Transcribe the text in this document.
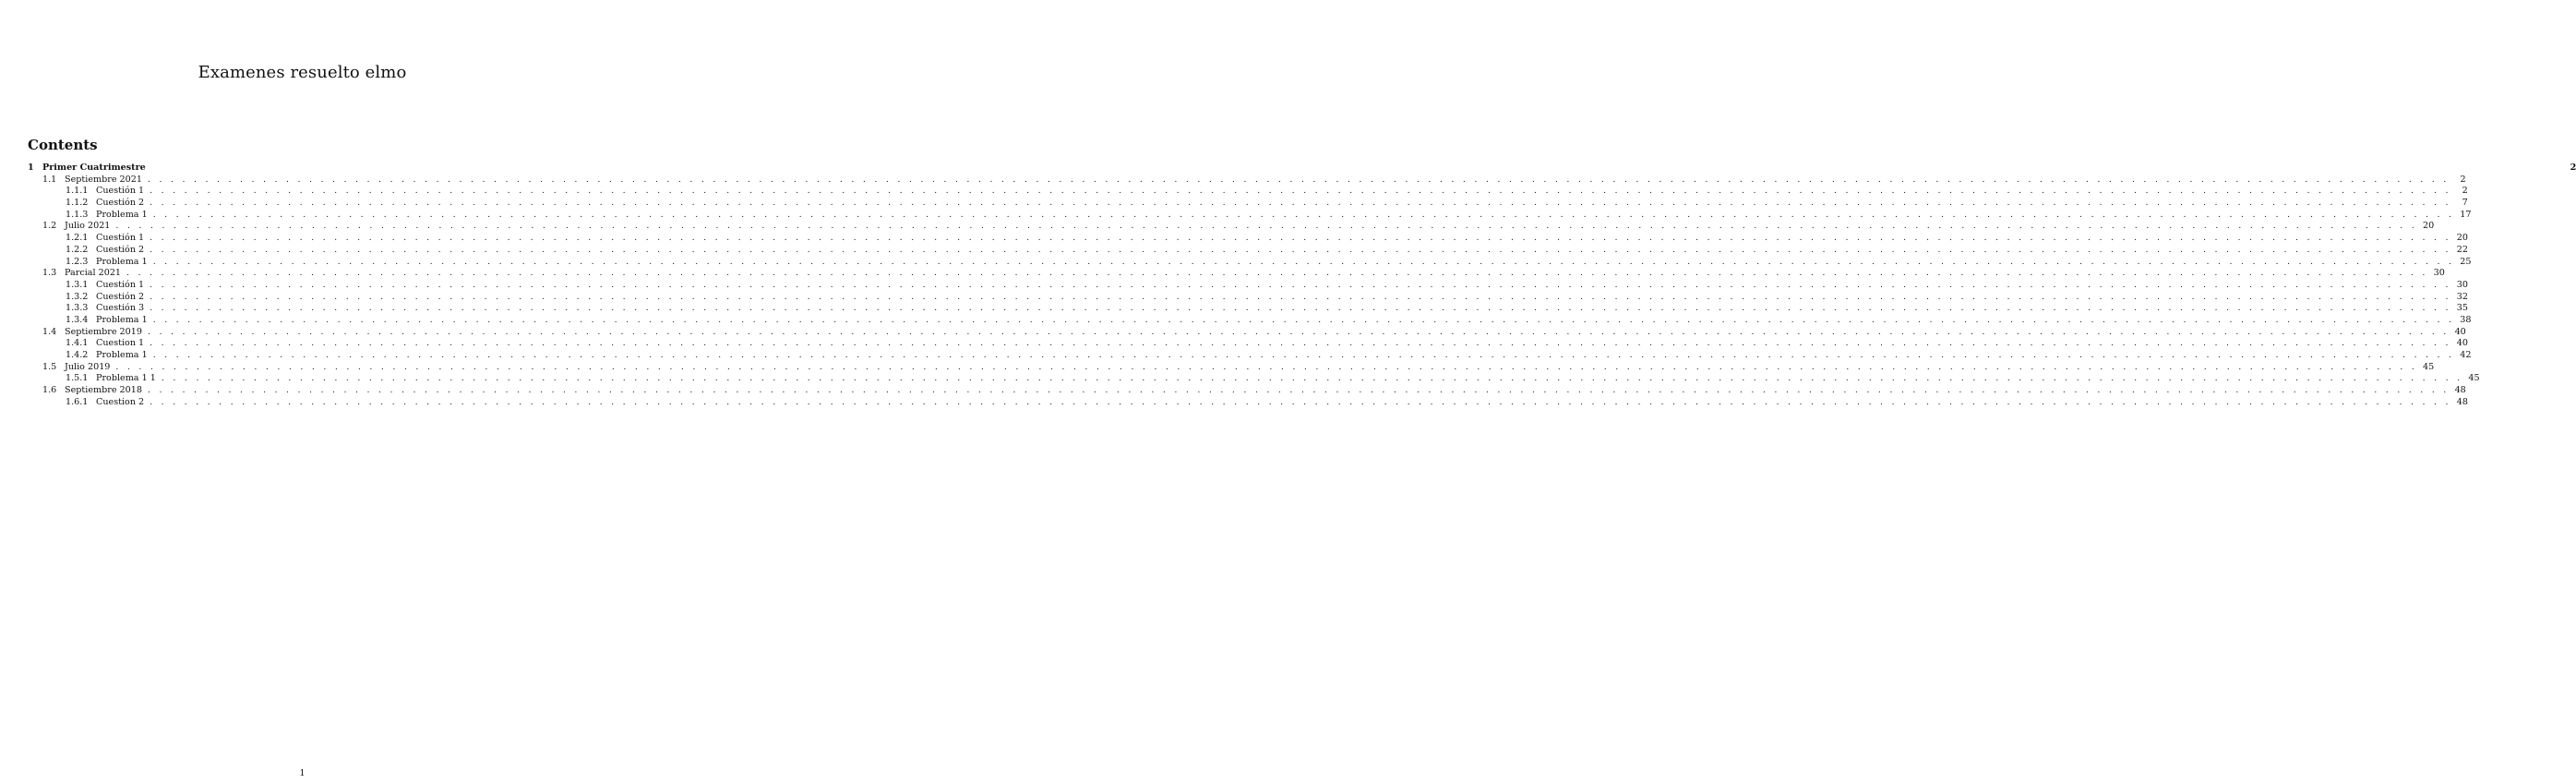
Examenes resuelto elmo
Contents
1 Primer Cuatrimestre	2
1.1 Septiembre 2021 . . . . . . . . . . . . . . . . . . . . . . . . . . . . . . . . . . . . . . . . . . . . . . . . . . . . . . . . . . . . . . . . . . . . . . . . . . . . . . . . . . . . . . . . . . . . . . . . . . . . . . . . . . . . . . . . . . . . . . . . . . . . . . . . . . . . . . . . . . . . . . . . . . . . . . . . . . . . . . . . . . . . . . . . . . . . . . . . . . . . . . . . . . . . . . . . . . . . . . . .	2
1.1.1 Cuestión 1 . . . . . . . . . . . . . . . . . . . . . . . . . . . . . . . . . . . . . . . . . . . . . . . . . . . . . . . . . . . . . . . . . . . . . . . . . . . . . . . . . . . . . . . . . . . . . . . . . . . . . . . . . . . . . . . . . . . . . . . . . . . . . . . . . . . . . . . . . . . . . . . . . . . . . . . . . . . . . . . . . . . . . . . . . . . . . . . . . . . . . . . . . . . . . . . . . . . . . . . .	2
1.1.2 Cuestión 2 . . . . . . . . . . . . . . . . . . . . . . . . . . . . . . . . . . . . . . . . . . . . . . . . . . . . . . . . . . . . . . . . . . . . . . . . . . . . . . . . . . . . . . . . . . . . . . . . . . . . . . . . . . . . . . . . . . . . . . . . . . . . . . . . . . . . . . . . . . . . . . . . . . . . . . . . . . . . . . . . . . . . . . . . . . . . . . . . . . . . . . . . . . . . . . . . . . . . . . . .	7
1.1.3 Problema 1 . . . . . . . . . . . . . . . . . . . . . . . . . . . . . . . . . . . . . . . . . . . . . . . . . . . . . . . . . . . . . . . . . . . . . . . . . . . . . . . . . . . . . . . . . . . . . . . . . . . . . . . . . . . . . . . . . . . . . . . . . . . . . . . . . . . . . . . . . . . . . . . . . . . . . . . . . . . . . . . . . . . . . . . . . . . . . . . . . . . . . . . . . . . . . . . . . . . . . . . . 17
1.2 Julio 2021 . . . . . . . . . . . . . . . . . . . . . . . . . . . . . . . . . . . . . . . . . . . . . . . . . . . . . . . . . . . . . . . . . . . . . . . . . . . . . . . . . . . . . . . . . . . . . . . . . . . . . . . . . . . . . . . . . . . . . . . . . . . . . . . . . . . . . . . . . . . . . . . . . . . . . . . . . . . . . . . . . . . . . . . . . . . . . . . . . . . . . . . . . . . . . . . . . . . . . . . . 20
1.2.1 Cuestión 1 . . . . . . . . . . . . . . . . . . . . . . . . . . . . . . . . . . . . . . . . . . . . . . . . . . . . . . . . . . . . . . . . . . . . . . . . . . . . . . . . . . . . . . . . . . . . . . . . . . . . . . . . . . . . . . . . . . . . . . . . . . . . . . . . . . . . . . . . . . . . . . . . . . . . . . . . . . . . . . . . . . . . . . . . . . . . . . . . . . . . . . . . . . . . . . . . . . . . . . . . 20
1.2.2 Cuestión 2 . . . . . . . . . . . . . . . . . . . . . . . . . . . . . . . . . . . . . . . . . . . . . . . . . . . . . . . . . . . . . . . . . . . . . . . . . . . . . . . . . . . . . . . . . . . . . . . . . . . . . . . . . . . . . . . . . . . . . . . . . . . . . . . . . . . . . . . . . . . . . . . . . . . . . . . . . . . . . . . . . . . . . . . . . . . . . . . . . . . . . . . . . . . . . . . . . . . . . . . . 22
1.2.3 Problema 1 . . . . . . . . . . . . . . . . . . . . . . . . . . . . . . . . . . . . . . . . . . . . . . . . . . . . . . . . . . . . . . . . . . . . . . . . . . . . . . . . . . . . . . . . . . . . . . . . . . . . . . . . . . . . . . . . . . . . . . . . . . . . . . . . . . . . . . . . . . . . . . . . . . . . . . . . . . . . . . . . . . . . . . . . . . . . . . . . . . . . . . . . . . . . . . . . . . . . . . . . 25
1.3 Parcial 2021 . . . . . . . . . . . . . . . . . . . . . . . . . . . . . . . . . . . . . . . . . . . . . . . . . . . . . . . . . . . . . . . . . . . . . . . . . . . . . . . . . . . . . . . . . . . . . . . . . . . . . . . . . . . . . . . . . . . . . . . . . . . . . . . . . . . . . . . . . . . . . . . . . . . . . . . . . . . . . . . . . . . . . . . . . . . . . . . . . . . . . . . . . . . . . . . . . . . . . . . . 30
1.3.1 Cuestión 1 . . . . . . . . . . . . . . . . . . . . . . . . . . . . . . . . . . . . . . . . . . . . . . . . . . . . . . . . . . . . . . . . . . . . . . . . . . . . . . . . . . . . . . . . . . . . . . . . . . . . . . . . . . . . . . . . . . . . . . . . . . . . . . . . . . . . . . . . . . . . . . . . . . . . . . . . . . . . . . . . . . . . . . . . . . . . . . . . . . . . . . . . . . . . . . . . . . . . . . . . 30
1.3.2 Cuestión 2 . . . . . . . . . . . . . . . . . . . . . . . . . . . . . . . . . . . . . . . . . . . . . . . . . . . . . . . . . . . . . . . . . . . . . . . . . . . . . . . . . . . . . . . . . . . . . . . . . . . . . . . . . . . . . . . . . . . . . . . . . . . . . . . . . . . . . . . . . . . . . . . . . . . . . . . . . . . . . . . . . . . . . . . . . . . . . . . . . . . . . . . . . . . . . . . . . . . . . . . . 32
1.3.3 Cuestión 3 . . . . . . . . . . . . . . . . . . . . . . . . . . . . . . . . . . . . . . . . . . . . . . . . . . . . . . . . . . . . . . . . . . . . . . . . . . . . . . . . . . . . . . . . . . . . . . . . . . . . . . . . . . . . . . . . . . . . . . . . . . . . . . . . . . . . . . . . . . . . . . . . . . . . . . . . . . . . . . . . . . . . . . . . . . . . . . . . . . . . . . . . . . . . . . . . . . . . . . . . 35
1.3.4 Problema 1 . . . . . . . . . . . . . . . . . . . . . . . . . . . . . . . . . . . . . . . . . . . . . . . . . . . . . . . . . . . . . . . . . . . . . . . . . . . . . . . . . . . . . . . . . . . . . . . . . . . . . . . . . . . . . . . . . . . . . . . . . . . . . . . . . . . . . . . . . . . . . . . . . . . . . . . . . . . . . . . . . . . . . . . . . . . . . . . . . . . . . . . . . . . . . . . . . . . . . . . . 38
1.4 Septiembre 2019 . . . . . . . . . . . . . . . . . . . . . . . . . . . . . . . . . . . . . . . . . . . . . . . . . . . . . . . . . . . . . . . . . . . . . . . . . . . . . . . . . . . . . . . . . . . . . . . . . . . . . . . . . . . . . . . . . . . . . . . . . . . . . . . . . . . . . . . . . . . . . . . . . . . . . . . . . . . . . . . . . . . . . . . . . . . . . . . . . . . . . . . . . . . . . . . . . . . . . . . . 40
1.4.1 Cuestion 1 . . . . . . . . . . . . . . . . . . . . . . . . . . . . . . . . . . . . . . . . . . . . . . . . . . . . . . . . . . . . . . . . . . . . . . . . . . . . . . . . . . . . . . . . . . . . . . . . . . . . . . . . . . . . . . . . . . . . . . . . . . . . . . . . . . . . . . . . . . . . . . . . . . . . . . . . . . . . . . . . . . . . . . . . . . . . . . . . . . . . . . . . . . . . . . . . . . . . . . . . 40
1.4.2 Problema 1 . . . . . . . . . . . . . . . . . . . . . . . . . . . . . . . . . . . . . . . . . . . . . . . . . . . . . . . . . . . . . . . . . . . . . . . . . . . . . . . . . . . . . . . . . . . . . . . . . . . . . . . . . . . . . . . . . . . . . . . . . . . . . . . . . . . . . . . . . . . . . . . . . . . . . . . . . . . . . . . . . . . . . . . . . . . . . . . . . . . . . . . . . . . . . . . . . . . . . . . . 42
1.5 Julio 2019 . . . . . . . . . . . . . . . . . . . . . . . . . . . . . . . . . . . . . . . . . . . . . . . . . . . . . . . . . . . . . . . . . . . . . . . . . . . . . . . . . . . . . . . . . . . . . . . . . . . . . . . . . . . . . . . . . . . . . . . . . . . . . . . . . . . . . . . . . . . . . . . . . . . . . . . . . . . . . . . . . . . . . . . . . . . . . . . . . . . . . . . . . . . . . . . . . . . . . . . . 45
1.5.1 Problema 1 1 . . . . . . . . . . . . . . . . . . . . . . . . . . . . . . . . . . . . . . . . . . . . . . . . . . . . . . . . . . . . . . . . . . . . . . . . . . . . . . . . . . . . . . . . . . . . . . . . . . . . . . . . . . . . . . . . . . . . . . . . . . . . . . . . . . . . . . . . . . . . . . . . . . . . . . . . . . . . . . . . . . . . . . . . . . . . . . . . . . . . . . . . . . . . . . . . . . . . . . . . 45
1.6 Septiembre 2018 . . . . . . . . . . . . . . . . . . . . . . . . . . . . . . . . . . . . . . . . . . . . . . . . . . . . . . . . . . . . . . . . . . . . . . . . . . . . . . . . . . . . . . . . . . . . . . . . . . . . . . . . . . . . . . . . . . . . . . . . . . . . . . . . . . . . . . . . . . . . . . . . . . . . . . . . . . . . . . . . . . . . . . . . . . . . . . . . . . . . . . . . . . . . . . . . . . . . . . . . 48
1.6.1 Cuestion 2 . . . . . . . . . . . . . . . . . . . . . . . . . . . . . . . . . . . . . . . . . . . . . . . . . . . . . . . . . . . . . . . . . . . . . . . . . . . . . . . . . . . . . . . . . . . . . . . . . . . . . . . . . . . . . . . . . . . . . . . . . . . . . . . . . . . . . . . . . . . . . . . . . . . . . . . . . . . . . . . . . . . . . . . . . . . . . . . . . . . . . . . . . . . . . . . . . . . . . . . . 48
1
